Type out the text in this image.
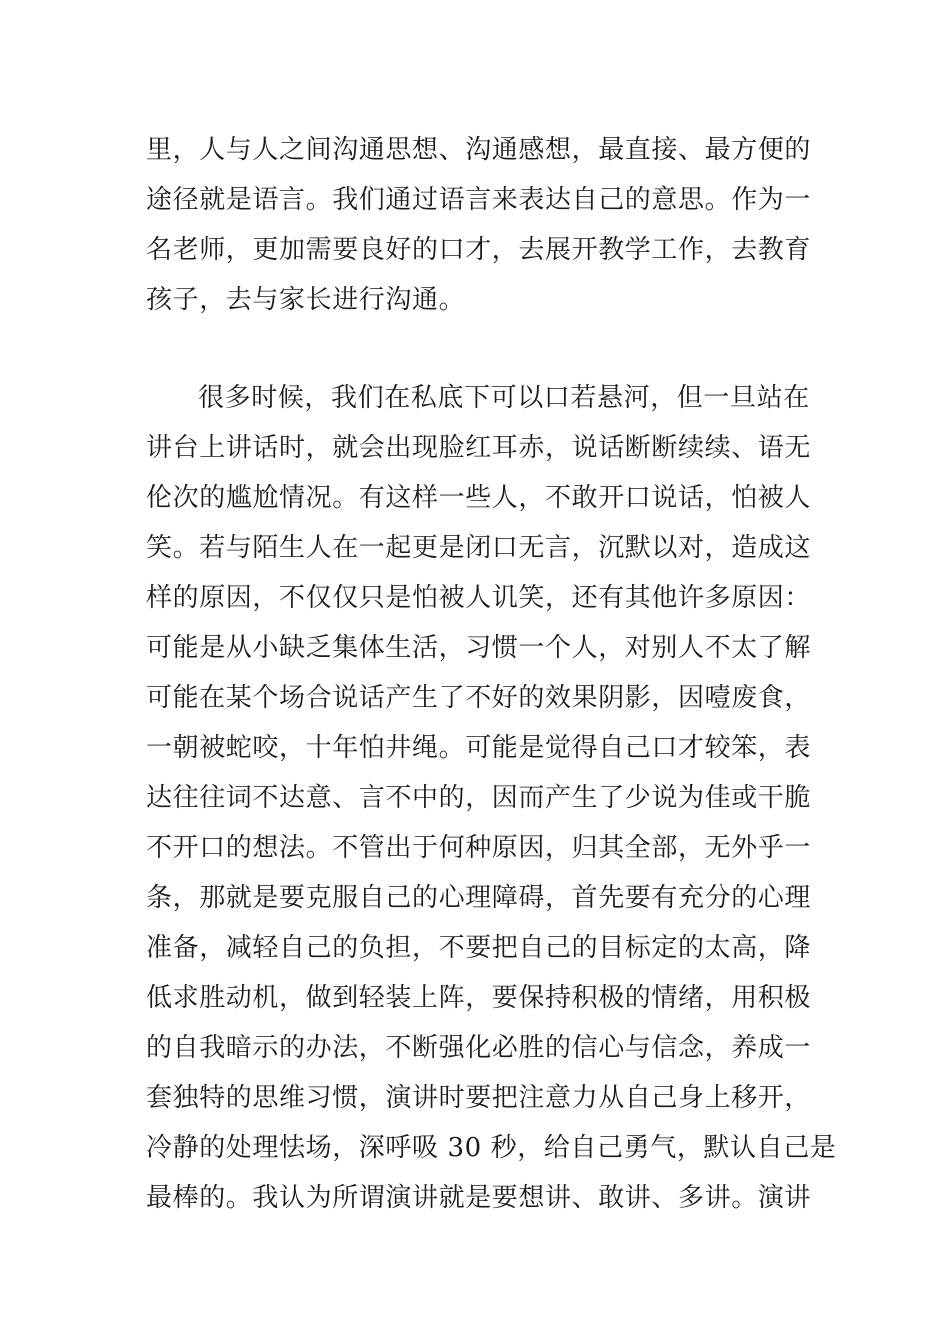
里，人与人之间沟通思想、沟通感想，最直接、最方便的
途径就是语言。我们通过语言来表达自己的意思。作为一
名老师，更加需要良好的口才，去展开教学工作，去教育
孩子，去与家长进行沟通。
很多时候，我们在私底下可以口若悬河，但一旦站在
讲台上讲话时，就会出现脸红耳赤，说话断断续续、语无
伦次的尴尬情况。有这样一些人，不敢开口说话，怕被人
笑。若与陌生人在一起更是闭口无言，沉默以对，造成这
样的原因，不仅仅只是怕被人讥笑，还有其他许多原因：
可能是从小缺乏集体生活，习惯一个人，对别人不太了解
可能在某个场合说话产生了不好的效果阴影，因噎废食，
一朝被蛇咬，十年怕井绳。可能是觉得自己口才较笨，表
达往往词不达意、言不中的，因而产生了少说为佳或干脆
不开口的想法。不管出于何种原因，归其全部，无外乎一
条，那就是要克服自己的心理障碍，首先要有充分的心理
准备，减轻自己的负担，不要把自己的目标定的太高，降
低求胜动机，做到轻装上阵，要保持积极的情绪，用积极
的自我暗示的办法，不断强化必胜的信心与信念，养成一
套独特的思维习惯，演讲时要把注意力从自己身上移开，
冷静的处理怯场，深呼吸 30 秒，给自己勇气，默认自己是
最棒的。我认为所谓演讲就是要想讲、敢讲、多讲。演讲
